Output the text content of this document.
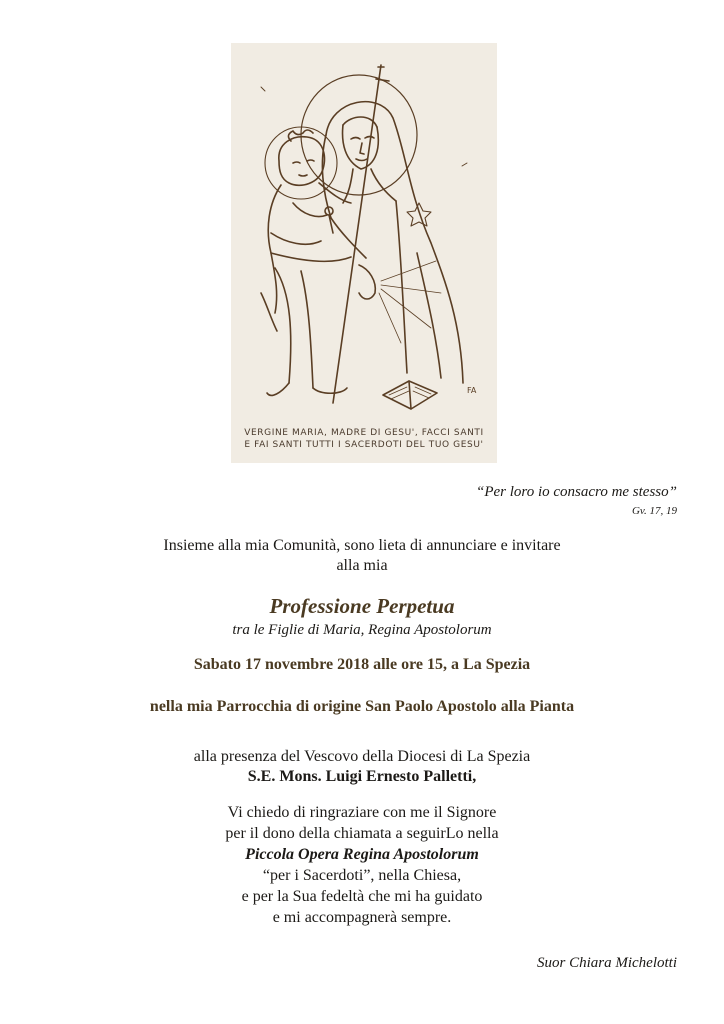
FA
VERGINE MARIA, MADRE DI GESU', FACCI SANTI
E FAI SANTI TUTTI I SACERDOTI DEL TUO GESU'
“Per loro io consacro me stesso”
Gv. 17, 19
Insieme alla mia Comunità, sono lieta di annunciare e invitare
alla mia
Professione Perpetua
tra le Figlie di Maria, Regina Apostolorum
Sabato 17 novembre 2018 alle ore 15, a La Spezia
nella mia Parrocchia di origine San Paolo Apostolo alla Pianta
alla presenza del Vescovo della Diocesi di La Spezia
S.E. Mons. Luigi Ernesto Palletti,
Vi chiedo di ringraziare con me il Signore
per il dono della chiamata a seguirLo nella
Piccola Opera Regina Apostolorum
“per i Sacerdoti”, nella Chiesa,
e per la Sua fedeltà che mi ha guidato
e mi accompagnerà sempre.
Suor Chiara Michelotti
